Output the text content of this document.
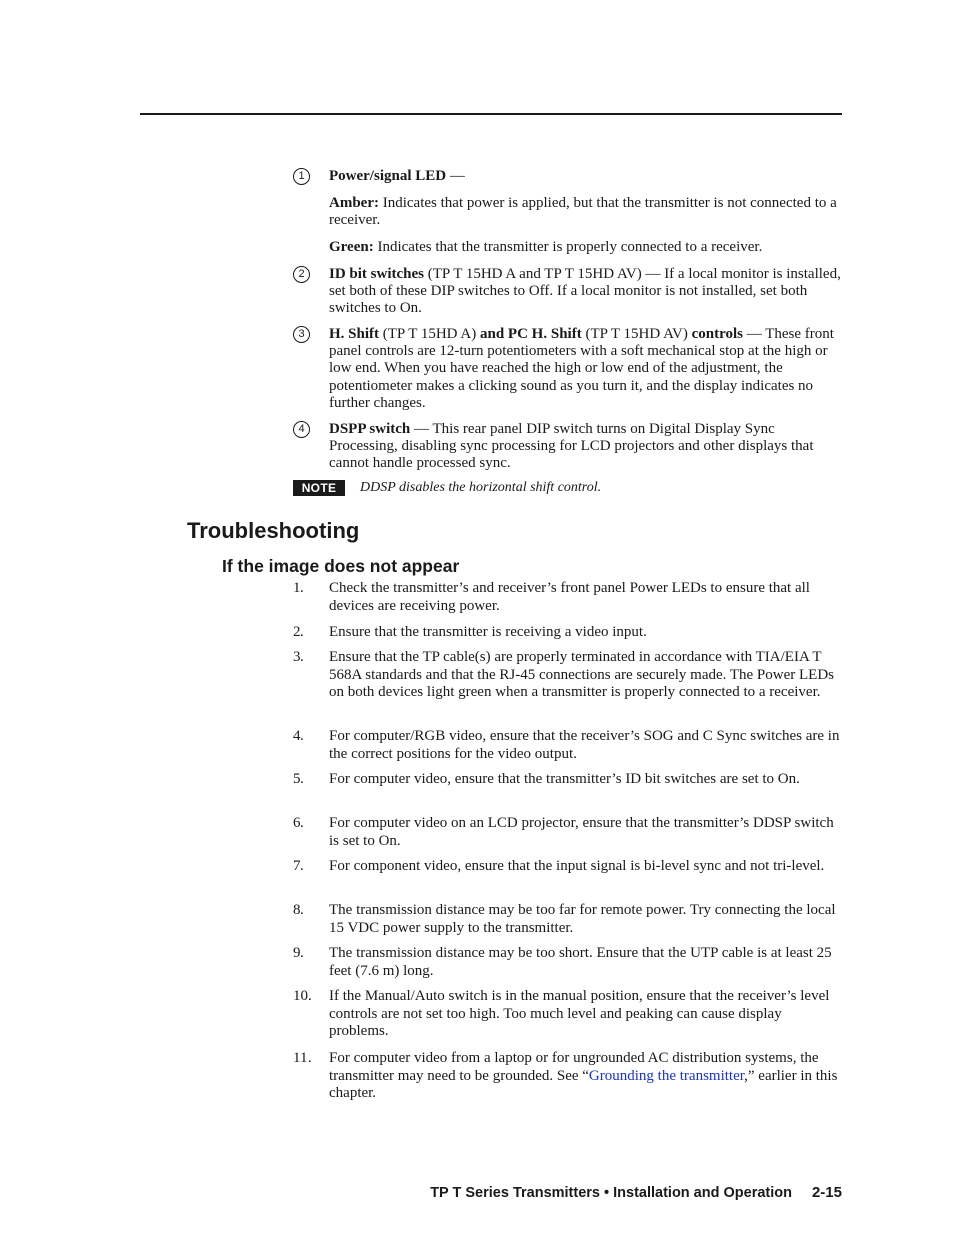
1	Power/signal LED —

Amber: Indicates that power is applied, but that the transmitter is not connected to a receiver.

Green: Indicates that the transmitter is properly connected to a receiver.

2	ID bit switches (TP T 15HD A and TP T 15HD AV) — If a local monitor is installed, set both of these DIP switches to Off. If a local monitor is not installed, set both switches to On.

3	H. Shift (TP T 15HD A) and PC H. Shift (TP T 15HD AV) controls — These front panel controls are 12-turn potentiometers with a soft mechanical stop at the high or low end. When you have reached the high or low end of the adjustment, the potentiometer makes a clicking sound as you turn it, and the display indicates no further changes.

4	DSPP switch — This rear panel DIP switch turns on Digital Display Sync Processing, disabling sync processing for LCD projectors and other displays that cannot handle processed sync.

NOTE	DDSP disables the horizontal shift control.
Troubleshooting
If the image does not appear
1 . Check the transmitter’s and receiver’s front panel Power LEDs to ensure that all devices are receiving power.
2 . Ensure that the transmitter is receiving a video input.
3 . Ensure that the TP cable(s) are properly terminated in accordance with TIA/EIA T 568A standards and that the RJ-45 connections are securely made. The Power LEDs on both devices light green when a transmitter is properly connected to a receiver.
4 . For computer/RGB video, ensure that the receiver’s SOG and C Sync switches are in the correct positions for the video output.
5 . For computer video, ensure that the transmitter’s ID bit switches are set to On.
6 . For computer video on an LCD projector, ensure that the transmitter’s DDSP switch is set to On.
7 . For component video, ensure that the input signal is bi-level sync and not tri-level.
8 . The transmission distance may be too far for remote power. Try connecting the local 15 VDC power supply to the transmitter.
9 . The transmission distance may be too short. Ensure that the UTP cable is at least 25 feet (7.6 m) long.
10 . If the Manual/Auto switch is in the manual position, ensure that the receiver’s level controls are not set too high. Too much level and peaking can cause display problems.
11 . For computer video from a laptop or for ungrounded AC distribution systems, the transmitter may need to be grounded. See “Grounding the transmitter,” earlier in this chapter.
TP T Series Transmitters • Installation and Operation 2-15
